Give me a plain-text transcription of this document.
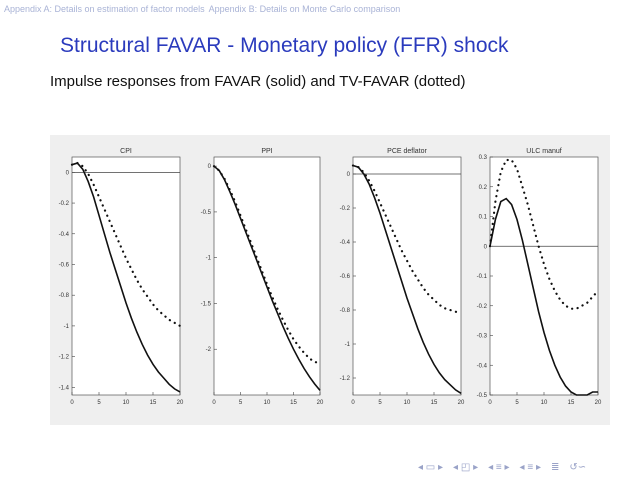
Appendix A: Details on estimation of factor models Appendix B: Details on Monte Carlo comparison
Structural FAVAR - Monetary policy (FFR) shock
Impulse responses from FAVAR (solid) and TV-FAVAR (dotted)
CPI
0	5	10	15	20
0
-0.2
-0.4
-0.6
-0.8
-1
-1.2
-1.4
PPI
0	5	10	15	20
0
-0.5
-1
-1.5
-2
PCE deflator
0	5	10	15	20
0
-0.2
-0.4
-0.6
-0.8
-1
-1.2
ULC manuf
0	5	10	15	20
0.3
0.2
0.1
0
-0.1
-0.2
-0.3
-0.4
-0.5
◂ ▭ ▸ ◂ ◰ ▸ ◂ ≡ ▸ ◂ ≡ ▸ ≣ ↺∽
